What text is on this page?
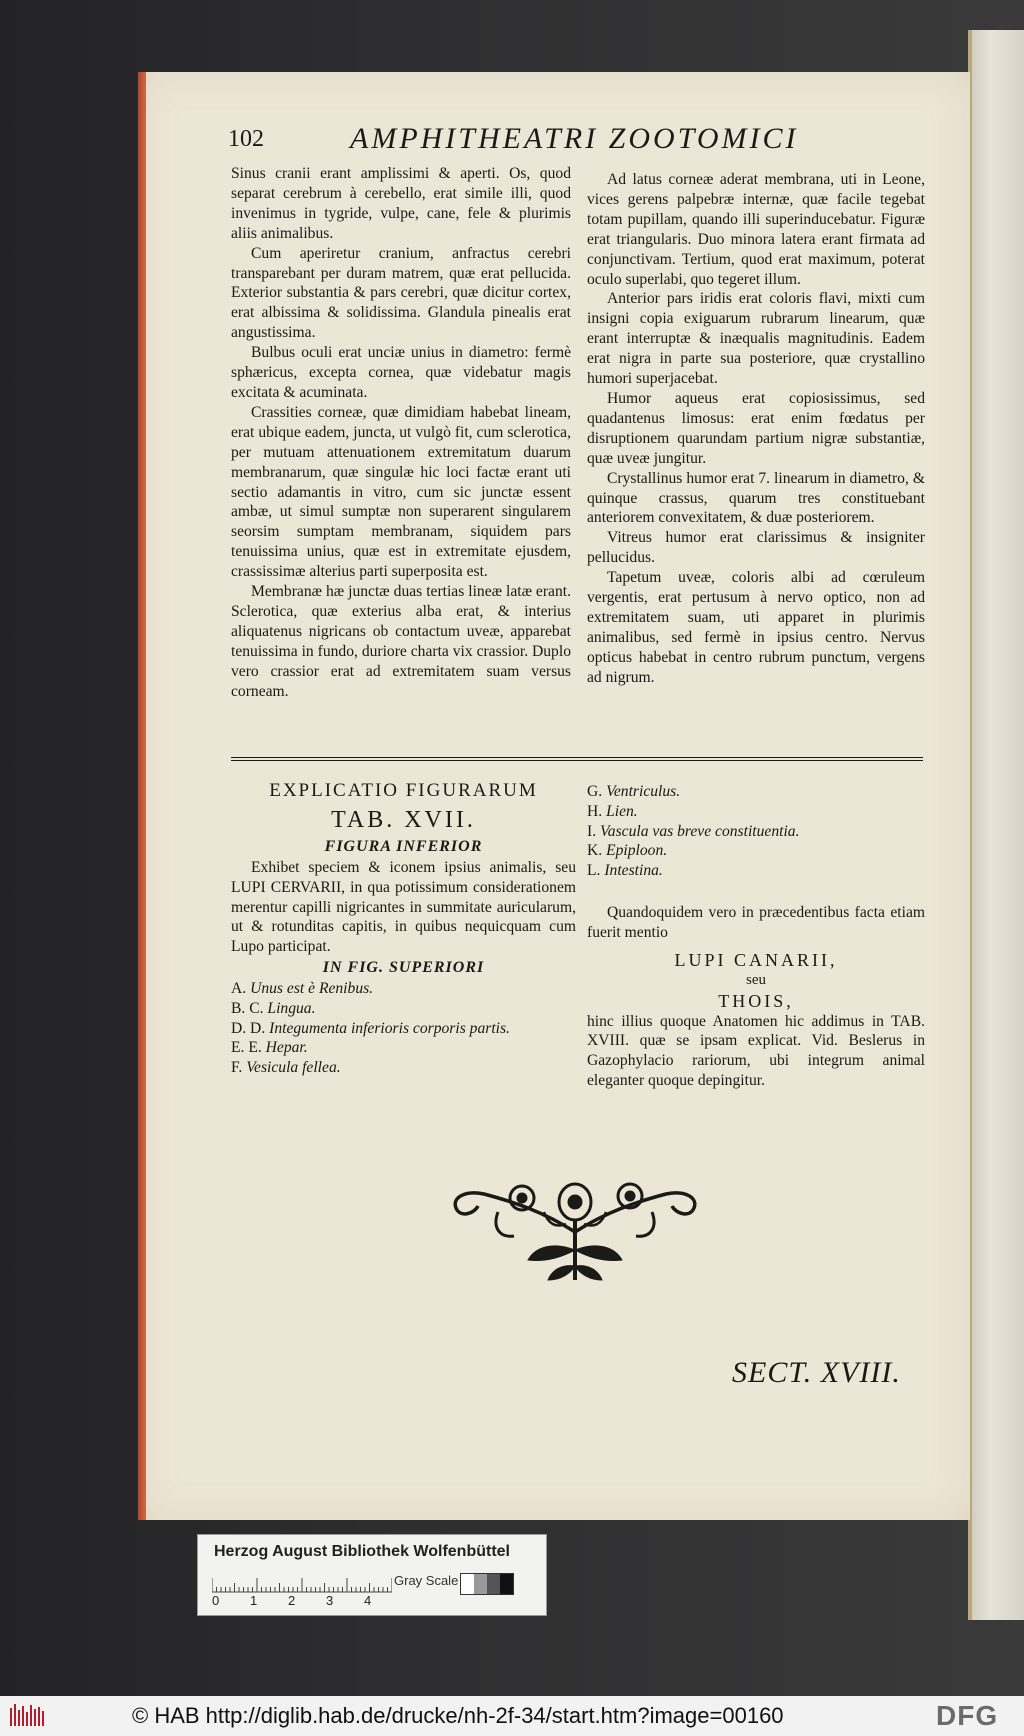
102	AMPHITHEATRI ZOOTOMICI

Sinus cranii erant amplissimi & aperti. Os, quod separat cerebrum à cerebello, erat simile illi, quod invenimus in tygride, vulpe, cane, fele & plurimis aliis animalibus.

Cum aperiretur cranium, anfractus cerebri transparebant per duram matrem, quæ erat pellucida. Exterior substantia & pars cerebri, quæ dicitur cortex, erat albissima & solidissima. Glandula pinealis erat angustissima.

Bulbus oculi erat unciæ unius in diametro: fermè sphæricus, excepta cornea, quæ videbatur magis excitata & acuminata.

Crassities corneæ, quæ dimidiam habebat lineam, erat ubique eadem, juncta, ut vulgò fit, cum sclerotica, per mutuam attenuationem extremitatum duarum membranarum, quæ singulæ hic loci factæ erant uti sectio adamantis in vitro, cum sic junctæ essent ambæ, ut simul sumptæ non superarent singularem seorsim sumptam membranam, siquidem pars tenuissima unius, quæ est in extremitate ejusdem, crassissimæ alterius parti superposita est.

Membranæ hæ junctæ duas tertias lineæ latæ erant. Sclerotica, quæ exterius alba erat, & interius aliquatenus nigricans ob contactum uveæ, apparebat tenuissima in fundo, duriore charta vix crassior. Duplo vero crassior erat ad extremitatem suam versus corneam.

Ad latus corneæ aderat membrana, uti in Leone, vices gerens palpebræ internæ, quæ facile tegebat totam pupillam, quando illi superinducebatur. Figuræ erat triangularis. Duo minora latera erant firmata ad conjunctivam. Tertium, quod erat maximum, poterat oculo superlabi, quo tegeret illum.

Anterior pars iridis erat coloris flavi, mixti cum insigni copia exiguarum rubrarum linearum, quæ erant interruptæ & inæqualis magnitudinis. Eadem erat nigra in parte sua posteriore, quæ crystallino humori superjacebat.

Humor aqueus erat copiosissimus, sed quadantenus limosus: erat enim fœdatus per disruptionem quarundam partium nigræ substantiæ, quæ uveæ jungitur.

Crystallinus humor erat 7. linearum in diametro, & quinque crassus, quarum tres constituebant anteriorem convexitatem, & duæ posteriorem.

Vitreus humor erat clarissimus & insigniter pellucidus.

Tapetum uveæ, coloris albi ad cœruleum vergentis, erat pertusum à nervo optico, non ad extremitatem suam, uti apparet in plurimis animalibus, sed fermè in ipsius centro. Nervus opticus habebat in centro rubrum punctum, vergens ad nigrum.

EXPLICATIO FIGURARUM
TAB. XVII.
FIGURA INFERIOR

Exhibet speciem & iconem ipsius animalis, seu LUPI CERVARII, in qua potissimum considerationem merentur capilli nigricantes in summitate auricularum, ut & rotunditas capitis, in quibus nequicquam cum Lupo participat.

IN FIG. SUPERIORI
A. Unus est è Renibus.
B. C. Lingua.
D. D. Integumenta inferioris corporis partis.
E. E. Hepar.
F. Vesicula fellea.
G. Ventriculus.
H. Lien.
I. Vascula vas breve constituentia.
K. Epiploon.
L. Intestina.

Quandoquidem vero in præcedentibus facta etiam fuerit mentio

LUPI CANARII,
seu
THOIS,

hinc illius quoque Anatomen hic addimus in TAB. XVIII. quæ se ipsam explicat. Vid. Beslerus in Gazophylacio rariorum, ubi integrum animal eleganter quoque depingitur.

SECT. XVIII.
Herzog August Bibliothek Wolfenbüttel
Gray Scale
0 1 2 3 4
© HAB http://diglib.hab.de/drucke/nh-2f-34/start.htm?image=00160	DFG
